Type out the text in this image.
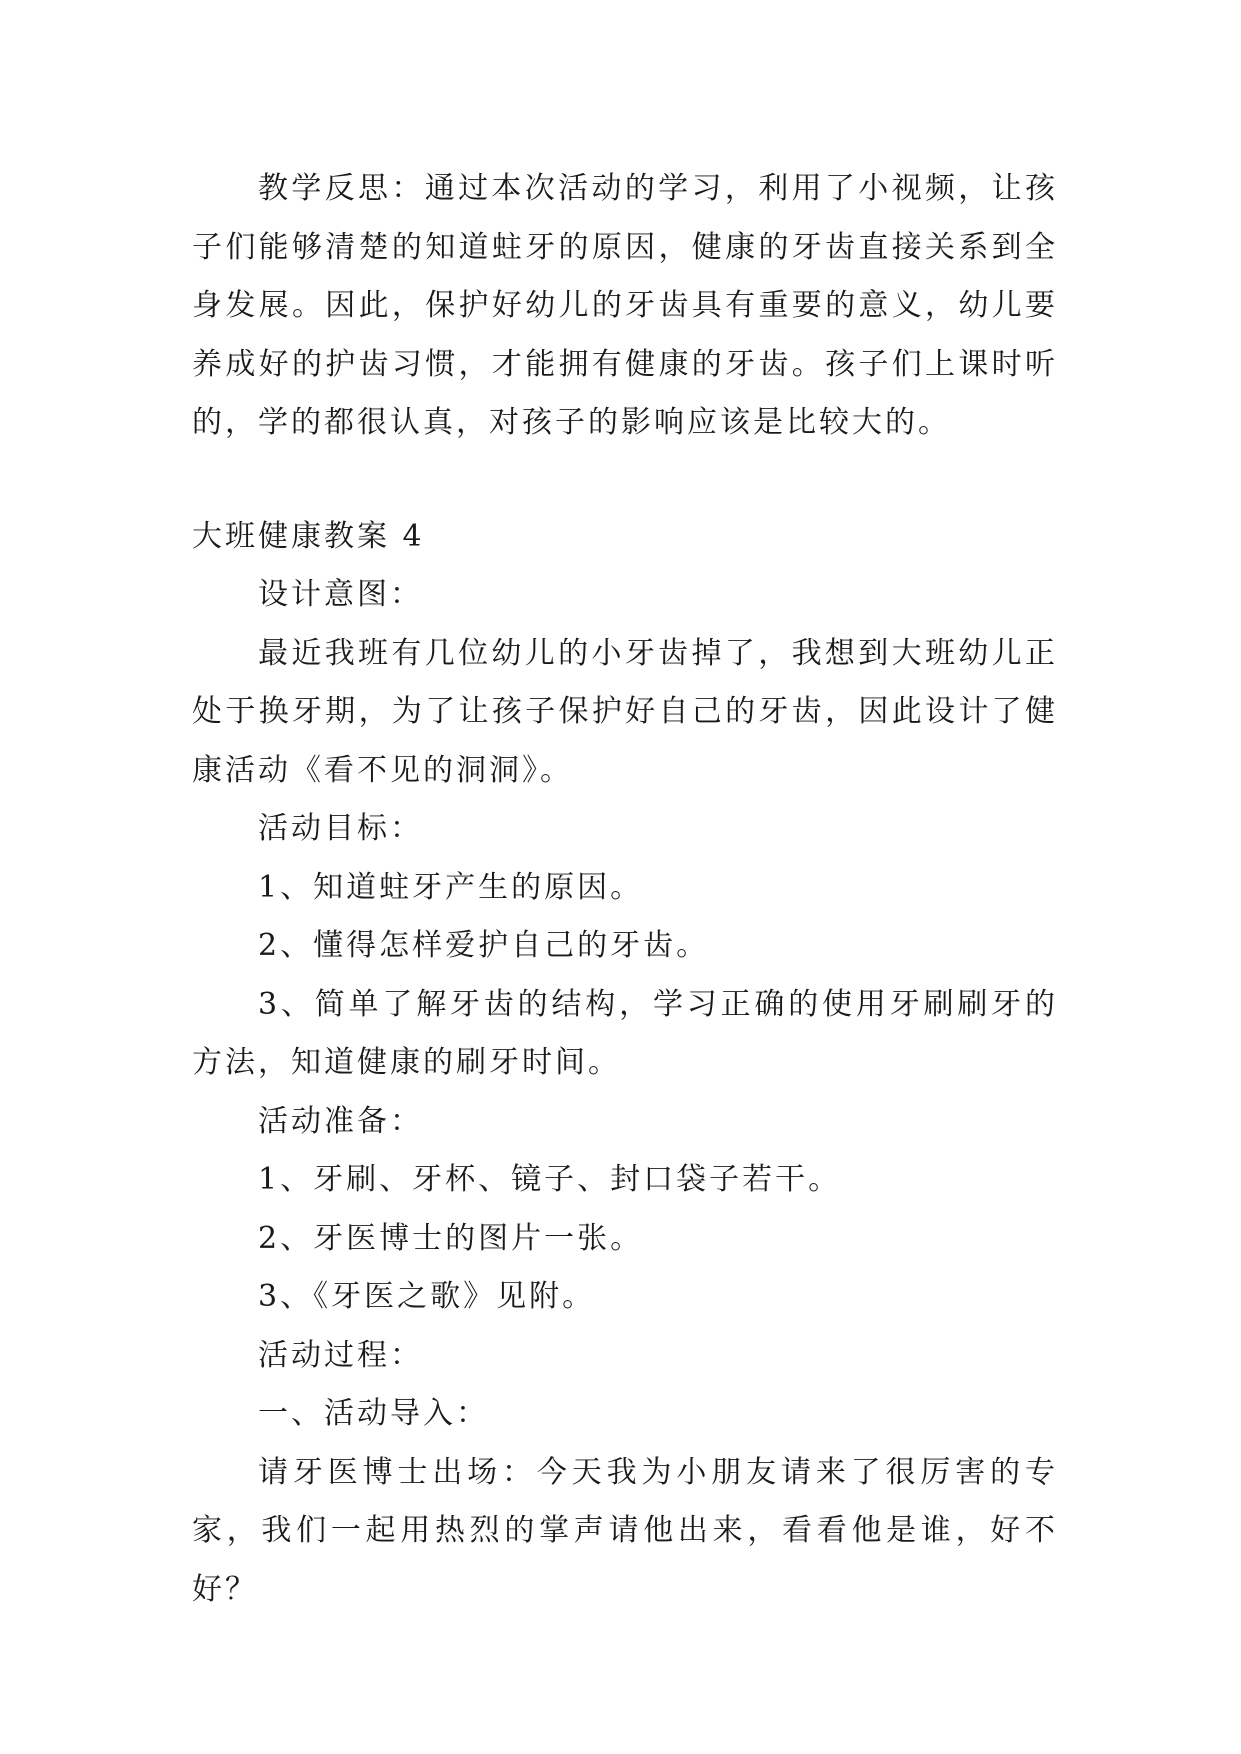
教学反思：通过本次活动的学习，利用了小视频，让孩子们能够清楚的知道蛀牙的原因，健康的牙齿直接关系到全身发展。因此，保护好幼儿的牙齿具有重要的意义，幼儿要养成好的护齿习惯，才能拥有健康的牙齿。孩子们上课时听的，学的都很认真，对孩子的影响应该是比较大的。

大班健康教案 4

设计意图：

最近我班有几位幼儿的小牙齿掉了，我想到大班幼儿正处于换牙期，为了让孩子保护好自己的牙齿，因此设计了健康活动《看不见的洞洞》。

活动目标：

1、知道蛀牙产生的原因。

2、懂得怎样爱护自己的牙齿。

3、简单了解牙齿的结构，学习正确的使用牙刷刷牙的方法，知道健康的刷牙时间。

活动准备：

1、牙刷、牙杯、镜子、封口袋子若干。

2、牙医博士的图片一张。

3、《牙医之歌》见附。

活动过程：

一、活动导入：

请牙医博士出场：今天我为小朋友请来了很厉害的专家，我们一起用热烈的掌声请他出来，看看他是谁，好不好？
